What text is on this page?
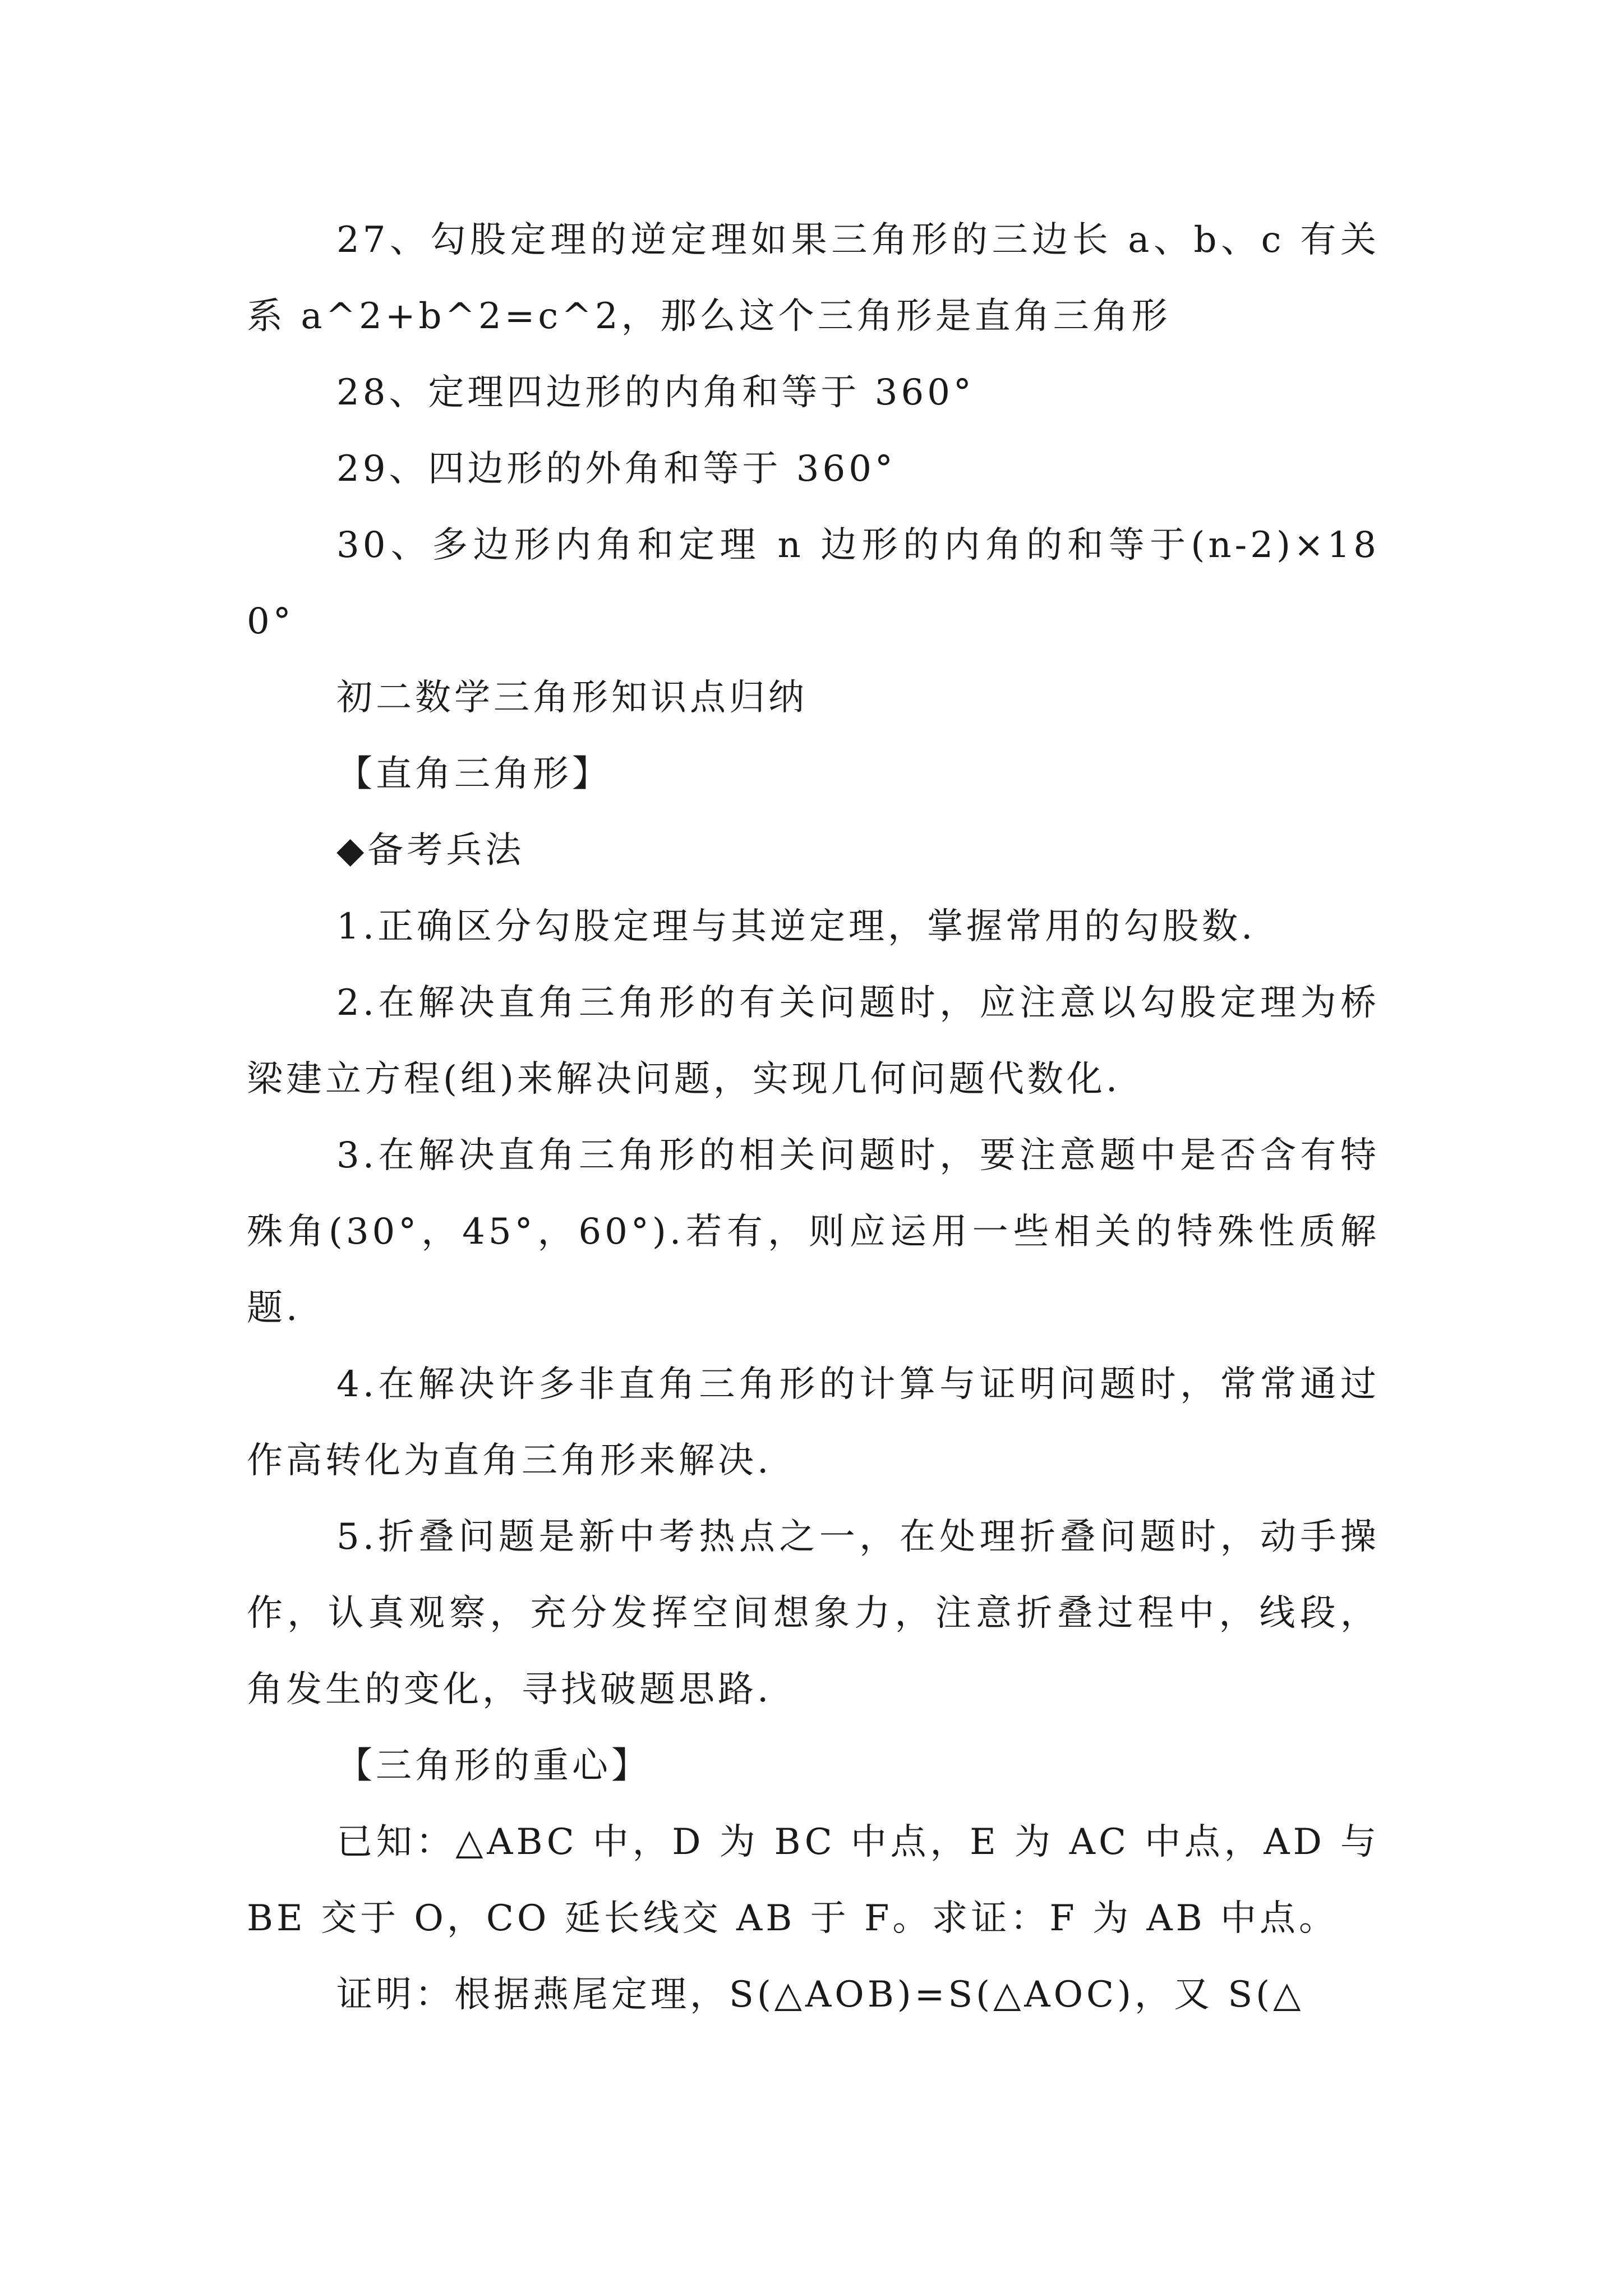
27、勾股定理的逆定理如果三角形的三边长 a、b、c 有关系 a^2+b^2=c^2，那么这个三角形是直角三角形

28、定理四边形的内角和等于 360°

29、四边形的外角和等于 360°

30、多边形内角和定理 n 边形的内角的和等于(n-2)×180°

初二数学三角形知识点归纳

【直角三角形】

◆备考兵法

1.正确区分勾股定理与其逆定理，掌握常用的勾股数.

2.在解决直角三角形的有关问题时，应注意以勾股定理为桥梁建立方程(组)来解决问题，实现几何问题代数化.

3.在解决直角三角形的相关问题时，要注意题中是否含有特殊角(30°，45°，60°).若有，则应运用一些相关的特殊性质解题.

4.在解决许多非直角三角形的计算与证明问题时，常常通过作高转化为直角三角形来解决.

5.折叠问题是新中考热点之一，在处理折叠问题时，动手操作，认真观察，充分发挥空间想象力，注意折叠过程中，线段，角发生的变化，寻找破题思路.

【三角形的重心】

已知：△ABC 中，D 为 BC 中点，E 为 AC 中点，AD 与 BE 交于 O，CO 延长线交 AB 于 F。求证：F 为 AB 中点。

证明：根据燕尾定理，S(△AOB)=S(△AOC)，又 S(△
